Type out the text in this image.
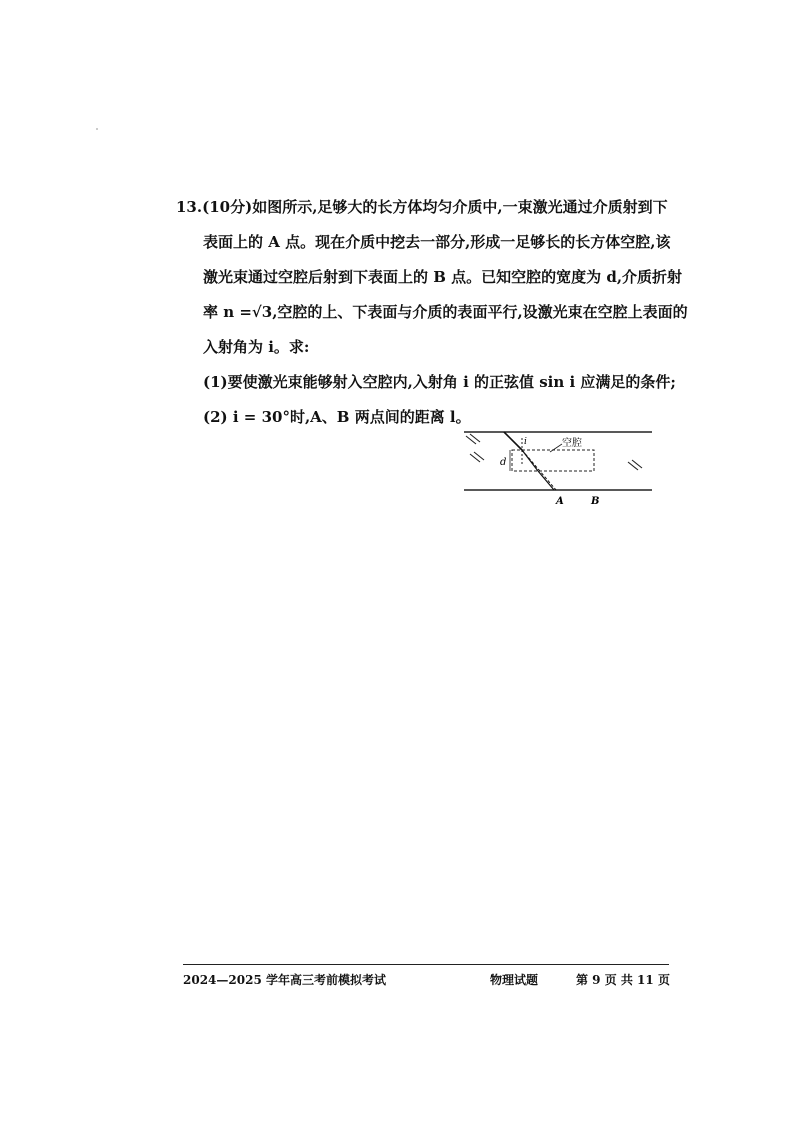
13.(10分)如图所示,足够大的长方体均匀介质中,一束激光通过介质射到下
表面上的 A 点。现在介质中挖去一部分,形成一足够长的长方体空腔,该
激光束通过空腔后射到下表面上的 B 点。已知空腔的宽度为 d,介质折射
率 n =√3,空腔的上、下表面与介质的表面平行,设激光束在空腔上表面的
入射角为 i。求:
(1)要使激光束能够射入空腔内,入射角 i 的正弦值 sin i 应满足的条件;
(2) i = 30°时,A、B 两点间的距离 l。
空腔
i
d
A	B
2024—2025 学年高三考前模拟考试	物理试题	第 9 页 共 11 页
